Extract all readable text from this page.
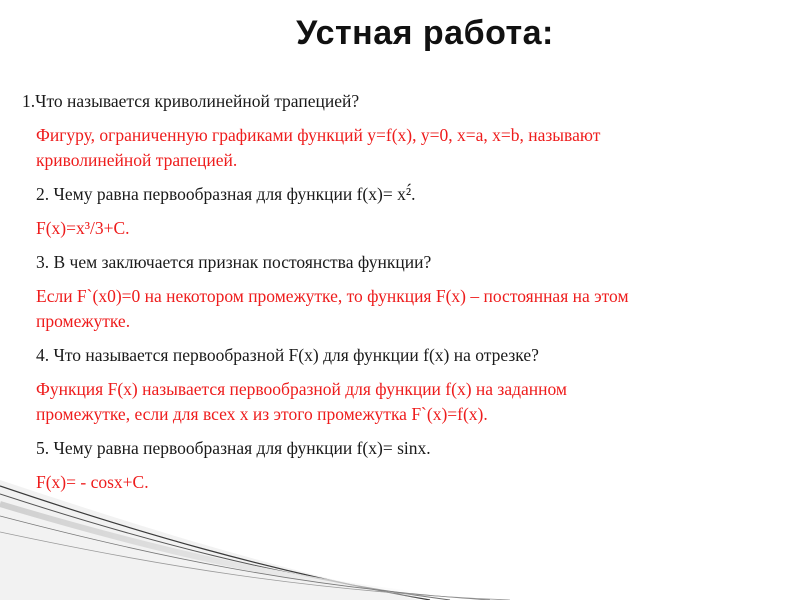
Устная работа:
1.Что называется криволинейной трапецией?
Фигуру, ограниченную графиками функций y=f(x), y=0, x=a, x=b, называют
криволинейной трапецией.
2. Чему равна первообразная для функции f(x)= x²́.
F(x)=x³/3+C.
3. В чем заключается признак постоянства функции?
Если F`(x0)=0 на некотором промежутке, то функция F(x) – постоянная на этом
промежутке.
4. Что называется первообразной F(x) для функции f(x) на отрезке?
Функция F(x) называется первообразной для функции f(x) на заданном
промежутке, если для всех x из этого промежутка F`(x)=f(x).
5. Чему равна первообразная для функции f(x)= sinx.
F(x)= - cosx+C.
